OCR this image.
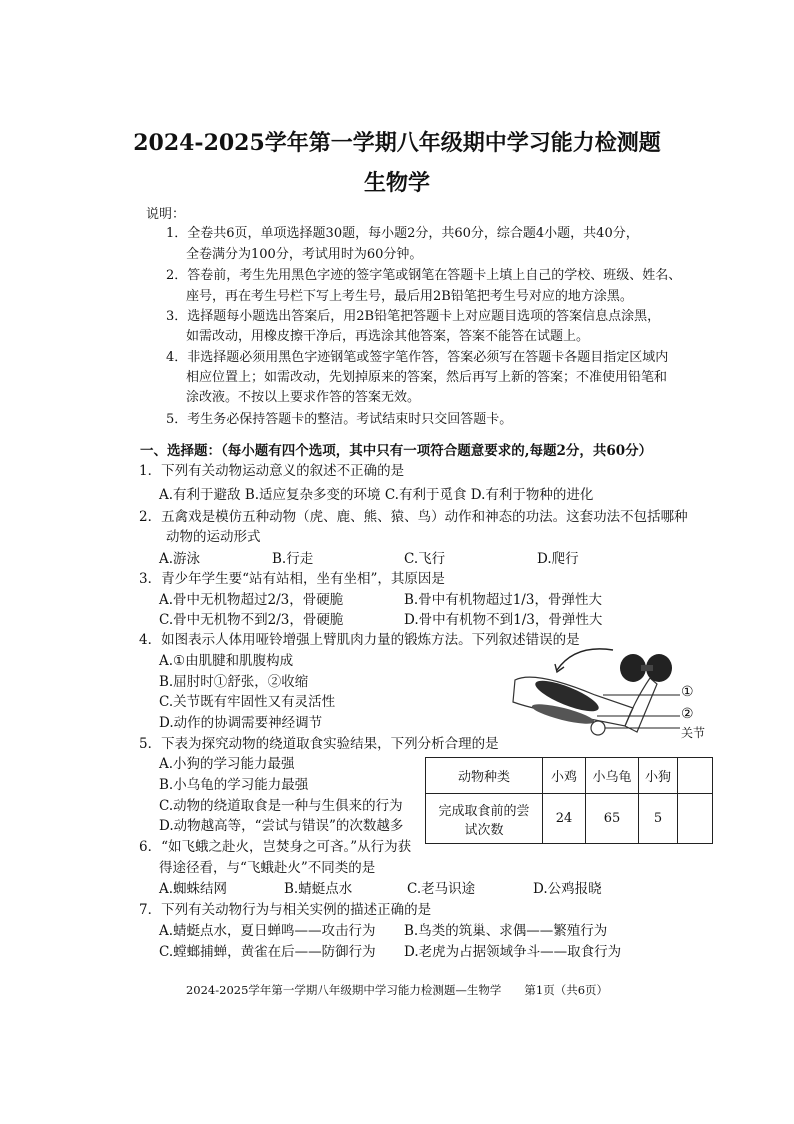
2024-2025学年第一学期八年级期中学习能力检测题
生物学
说明：
1．全卷共6页，单项选择题30题，每小题2分，共60分，综合题4小题，共40分，
全卷满分为100分，考试用时为60分钟。
2．答卷前，考生先用黑色字迹的签字笔或钢笔在答题卡上填上自己的学校、班级、姓名、
座号，再在考生号栏下写上考生号，最后用2B铅笔把考生号对应的地方涂黑。
3．选择题每小题选出答案后，用2B铅笔把答题卡上对应题目选项的答案信息点涂黑，
如需改动，用橡皮擦干净后，再选涂其他答案，答案不能答在试题上。
4．非选择题必须用黑色字迹钢笔或签字笔作答，答案必须写在答题卡各题目指定区域内
相应位置上；如需改动，先划掉原来的答案，然后再写上新的答案；不准使用铅笔和
涂改液。不按以上要求作答的答案无效。
5．考生务必保持答题卡的整洁。考试结束时只交回答题卡。
一、选择题：（每小题有四个选项，其中只有一项符合题意要求的,每题2分，共60分）
1．下列有关动物运动意义的叙述不正确的是
A.有利于避敌 B.适应复杂多变的环境 C.有利于觅食 D.有利于物种的进化
2．五禽戏是模仿五种动物（虎、鹿、熊、猿、鸟）动作和神态的功法。这套功法不包括哪种
动物的运动形式
A.游泳	B.行走	C.飞行	D.爬行
3．青少年学生要“站有站相，坐有坐相”，其原因是
A.骨中无机物超过2/3，骨硬脆	B.骨中有机物超过1/3，骨弹性大
C.骨中无机物不到2/3，骨硬脆	D.骨中有机物不到1/3，骨弹性大
4．如图表示人体用哑铃增强上臂肌肉力量的锻炼方法。下列叙述错误的是
A.①由肌腱和肌腹构成
B.屈肘时①舒张，②收缩
C.关节既有牢固性又有灵活性
D.动作的协调需要神经调节
①
②
关节
5．下表为探究动物的绕道取食实验结果，下列分析合理的是
A.小狗的学习能力最强
B.小乌龟的学习能力最强
C.动物的绕道取食是一种与生俱来的行为
D.动物越高等，“尝试与错误”的次数越多
动物种类	小鸡	小乌龟	小狗	

完成取食前的尝
试次数	24	65	5	
6．“如飞蛾之赴火，岂焚身之可吝。”从行为获
得途径看，与“飞蛾赴火”不同类的是
A.蜘蛛结网	B.蜻蜓点水	C.老马识途	D.公鸡报晓
7．下列有关动物行为与相关实例的描述正确的是
A.蜻蜓点水，夏日蝉鸣——攻击行为 B.鸟类的筑巢、求偶——繁殖行为
C.螳螂捕蝉，黄雀在后——防御行为 D.老虎为占据领域争斗——取食行为
2024-2025学年第一学期八年级期中学习能力检测题—生物学　　第1页（共6页）
